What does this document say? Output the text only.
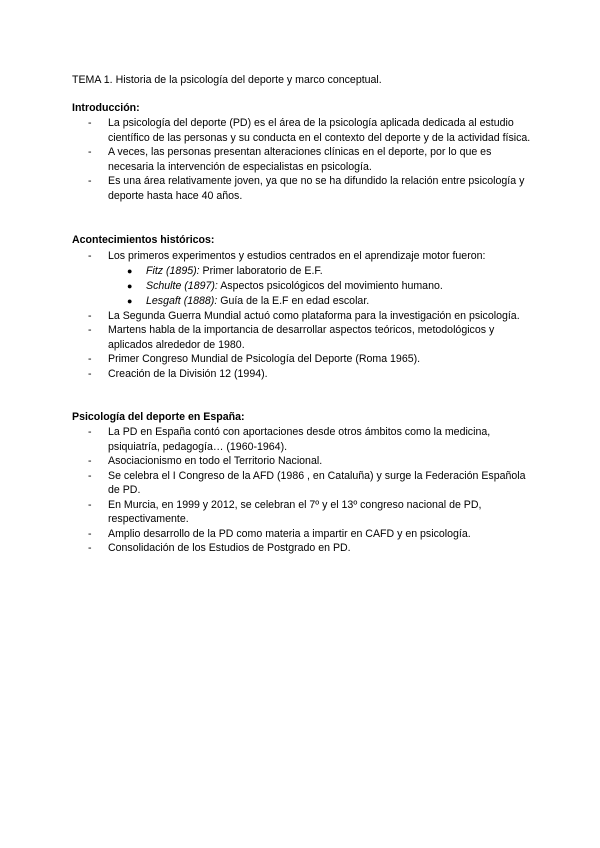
TEMA 1. Historia de la psicología del deporte y marco conceptual.
Introducción:
- La psicología del deporte (PD) es el área de la psicología aplicada dedicada al estudio científico de las personas y su conducta en el contexto del deporte y de la actividad física.
- A veces, las personas presentan alteraciones clínicas en el deporte, por lo que es necesaria la intervención de especialistas en psicología.
- Es una área relativamente joven, ya que no se ha difundido la relación entre psicología y deporte hasta hace 40 años.
Acontecimientos históricos:
- Los primeros experimentos y estudios centrados en el aprendizaje motor fueron:
● Fitz (1895): Primer laboratorio de E.F.
● Schulte (1897): Aspectos psicológicos del movimiento humano.
● Lesgaft (1888): Guía de la E.F en edad escolar.
- La Segunda Guerra Mundial actuó como plataforma para la investigación en psicología.
- Martens habla de la importancia de desarrollar aspectos teóricos, metodológicos y aplicados alrededor de 1980.
- Primer Congreso Mundial de Psicología del Deporte (Roma 1965).
- Creación de la División 12 (1994).
Psicología del deporte en España:
- La PD en España contó con aportaciones desde otros ámbitos como la medicina, psiquiatría, pedagogía… (1960-1964).
- Asociacionismo en todo el Territorio Nacional.
- Se celebra el I Congreso de la AFD (1986 , en Cataluña) y surge la Federación Española de PD.
- En Murcia, en 1999 y 2012, se celebran el 7º y el 13º congreso nacional de PD, respectivamente.
- Amplio desarrollo de la PD como materia a impartir en CAFD y en psicología.
- Consolidación de los Estudios de Postgrado en PD.
